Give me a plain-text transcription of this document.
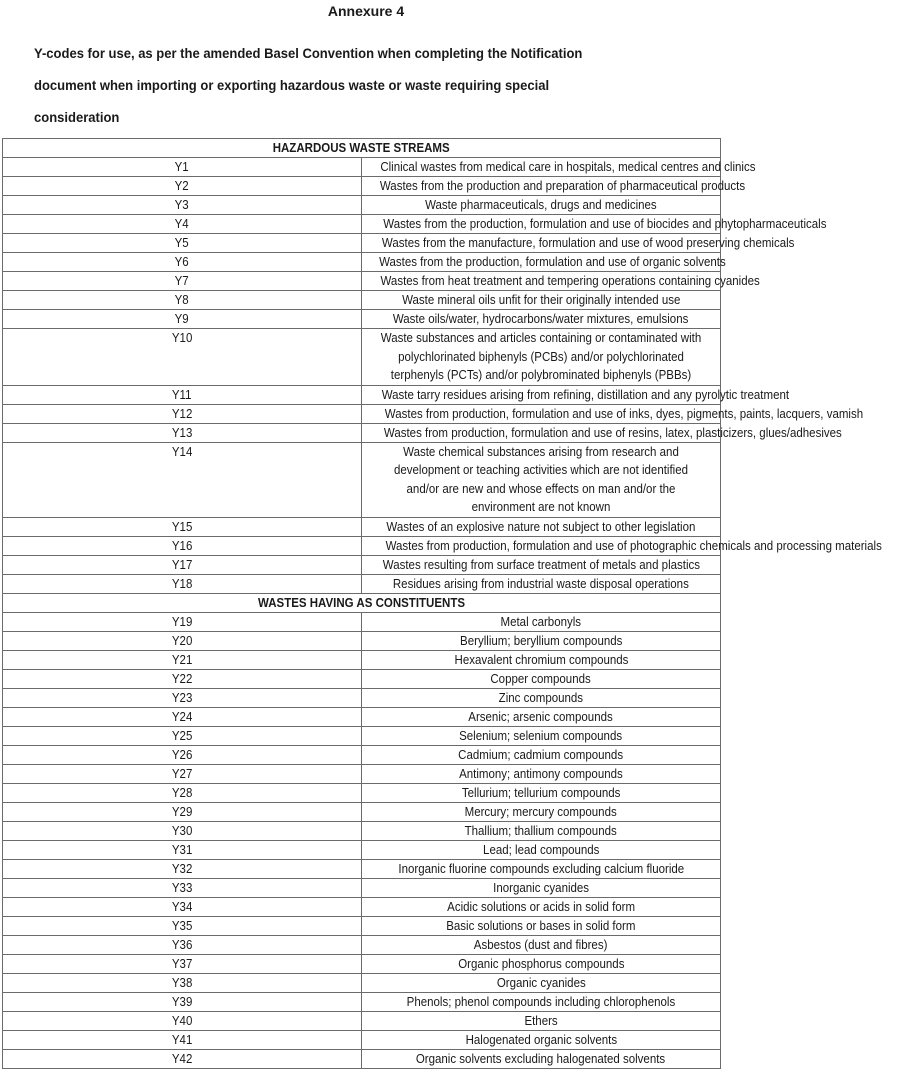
Annexure 4

Y-codes for use, as per the amended Basel Convention when completing the Notification

document when importing or exporting hazardous waste or waste requiring special

consideration

HAZARDOUS WASTE STREAMS	
Y1	Clinical wastes from medical care in hospitals, medical centres and clinics
Y2	Wastes from the production and preparation of pharmaceutical products
Y3	Waste pharmaceuticals, drugs and medicines
Y4	Wastes from the production, formulation and use of biocides and phytopharmaceuticals
Y5	Wastes from the manufacture, formulation and use of wood preserving chemicals
Y6	Wastes from the production, formulation and use of organic solvents
Y7	Wastes from heat treatment and tempering operations containing cyanides
Y8	Waste mineral oils unfit for their originally intended use
Y9	Waste oils/water, hydrocarbons/water mixtures, emulsions
Y10	Waste substances and articles containing or contaminated with polychlorinated biphenyls (PCBs) and/or polychlorinated terphenyls (PCTs) and/or polybrominated biphenyls (PBBs)
Y11	Waste tarry residues arising from refining, distillation and any pyrolytic treatment
Y12	Wastes from production, formulation and use of inks, dyes, pigments, paints, lacquers, vamish
Y13	Wastes from production, formulation and use of resins, latex, plasticizers, glues/adhesives
Y14	Waste chemical substances arising from research and development or teaching activities which are not identified and/or are new and whose effects on man and/or the environment are not known
Y15	Wastes of an explosive nature not subject to other legislation
Y16	Wastes from production, formulation and use of photographic chemicals and processing materials
Y17	Wastes resulting from surface treatment of metals and plastics
Y18	Residues arising from industrial waste disposal operations
WASTES HAVING AS CONSTITUENTS	
Y19	Metal carbonyls
Y20	Beryllium; beryllium compounds
Y21	Hexavalent chromium compounds
Y22	Copper compounds
Y23	Zinc compounds
Y24	Arsenic; arsenic compounds
Y25	Selenium; selenium compounds
Y26	Cadmium; cadmium compounds
Y27	Antimony; antimony compounds
Y28	Tellurium; tellurium compounds
Y29	Mercury; mercury compounds
Y30	Thallium; thallium compounds
Y31	Lead; lead compounds
Y32	Inorganic fluorine compounds excluding calcium fluoride
Y33	Inorganic cyanides
Y34	Acidic solutions or acids in solid form
Y35	Basic solutions or bases in solid form
Y36	Asbestos (dust and fibres)
Y37	Organic phosphorus compounds
Y38	Organic cyanides
Y39	Phenols; phenol compounds including chlorophenols
Y40	Ethers
Y41	Halogenated organic solvents
Y42	Organic solvents excluding halogenated solvents
